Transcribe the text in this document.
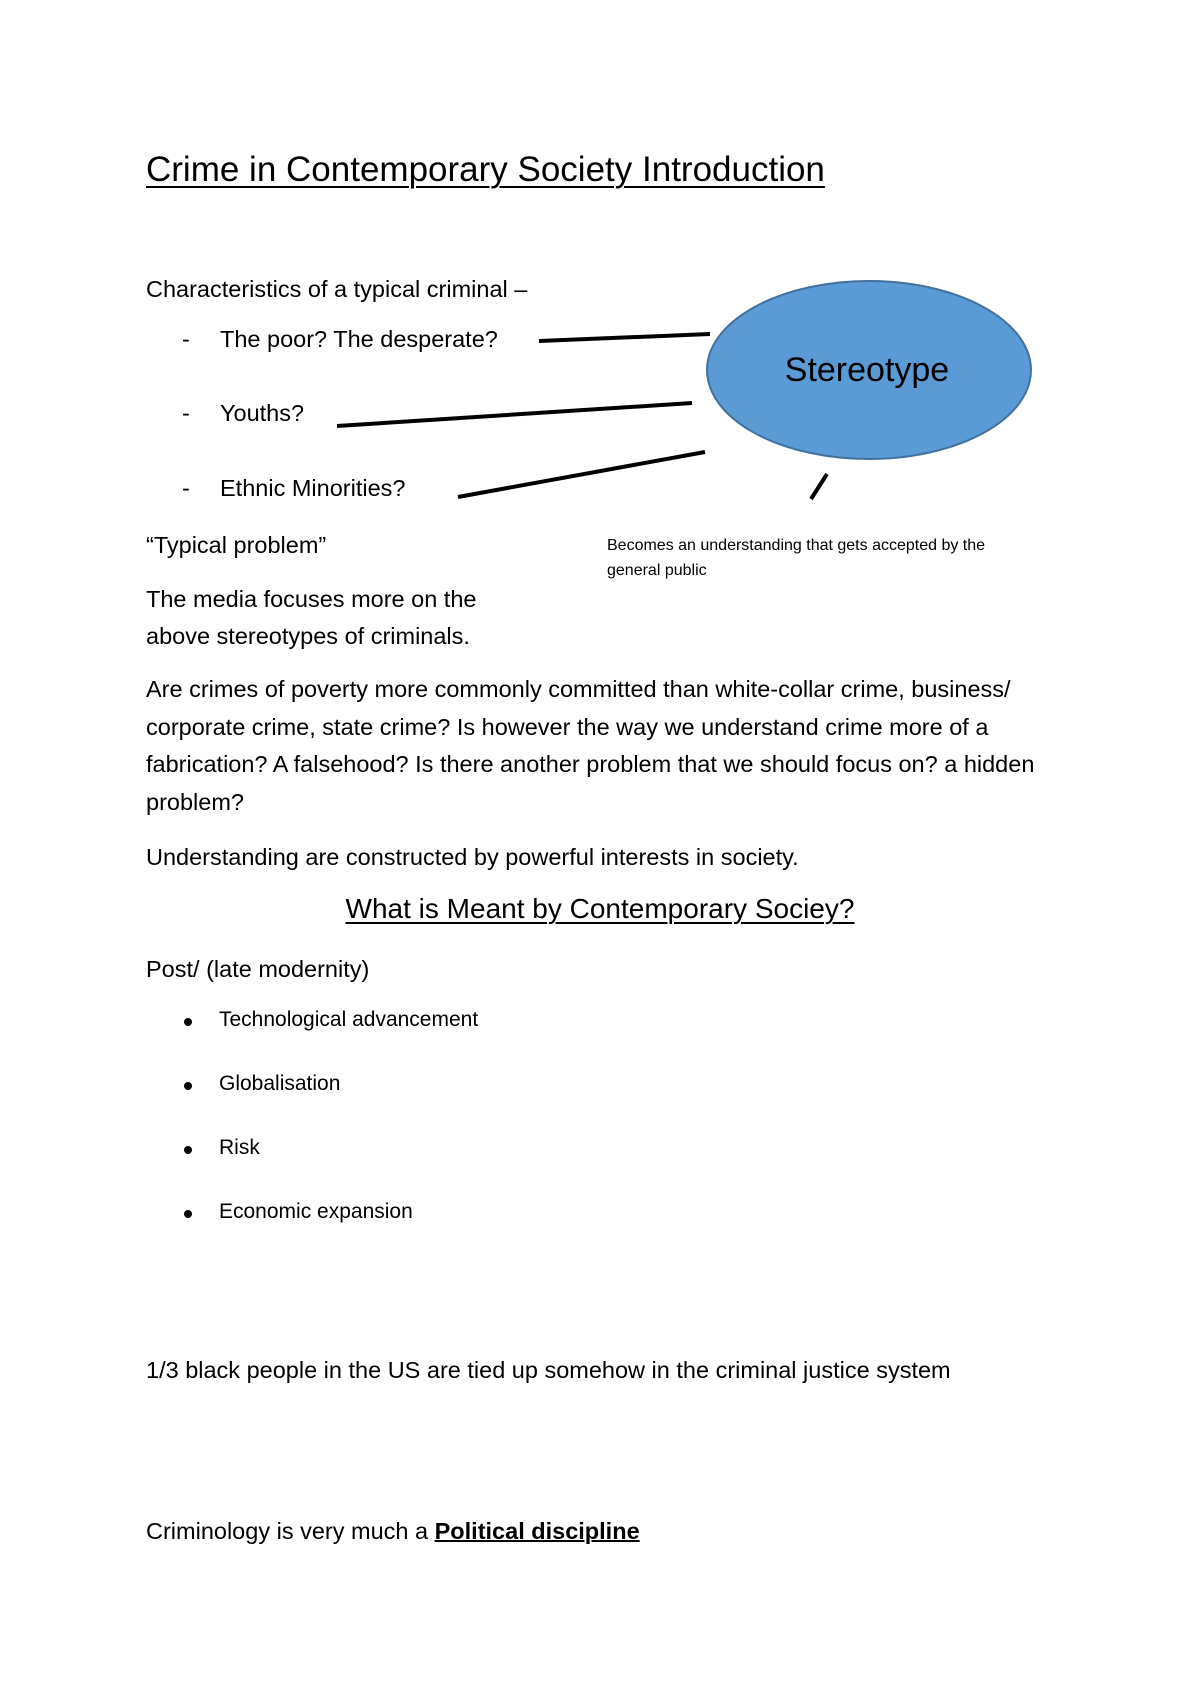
Crime in Contemporary Society Introduction
Characteristics of a typical criminal –
- The poor? The desperate?
- Youths?
- Ethnic Minorities?
Stereotype
Becomes an understanding that gets accepted by the general public
“Typical problem”
The media focuses more on the
above stereotypes of criminals.
Are crimes of poverty more commonly committed than white-collar crime, business/ corporate crime, state crime? Is however the way we understand crime more of a fabrication? A falsehood? Is there another problem that we should focus on? a hidden problem?
Understanding are constructed by powerful interests in society.
What is Meant by Contemporary Sociey?
Post/ (late modernity)
Technological advancement
Globalisation
Risk
Economic expansion
1/3 black people in the US are tied up somehow in the criminal justice system
Criminology is very much a Political discipline
